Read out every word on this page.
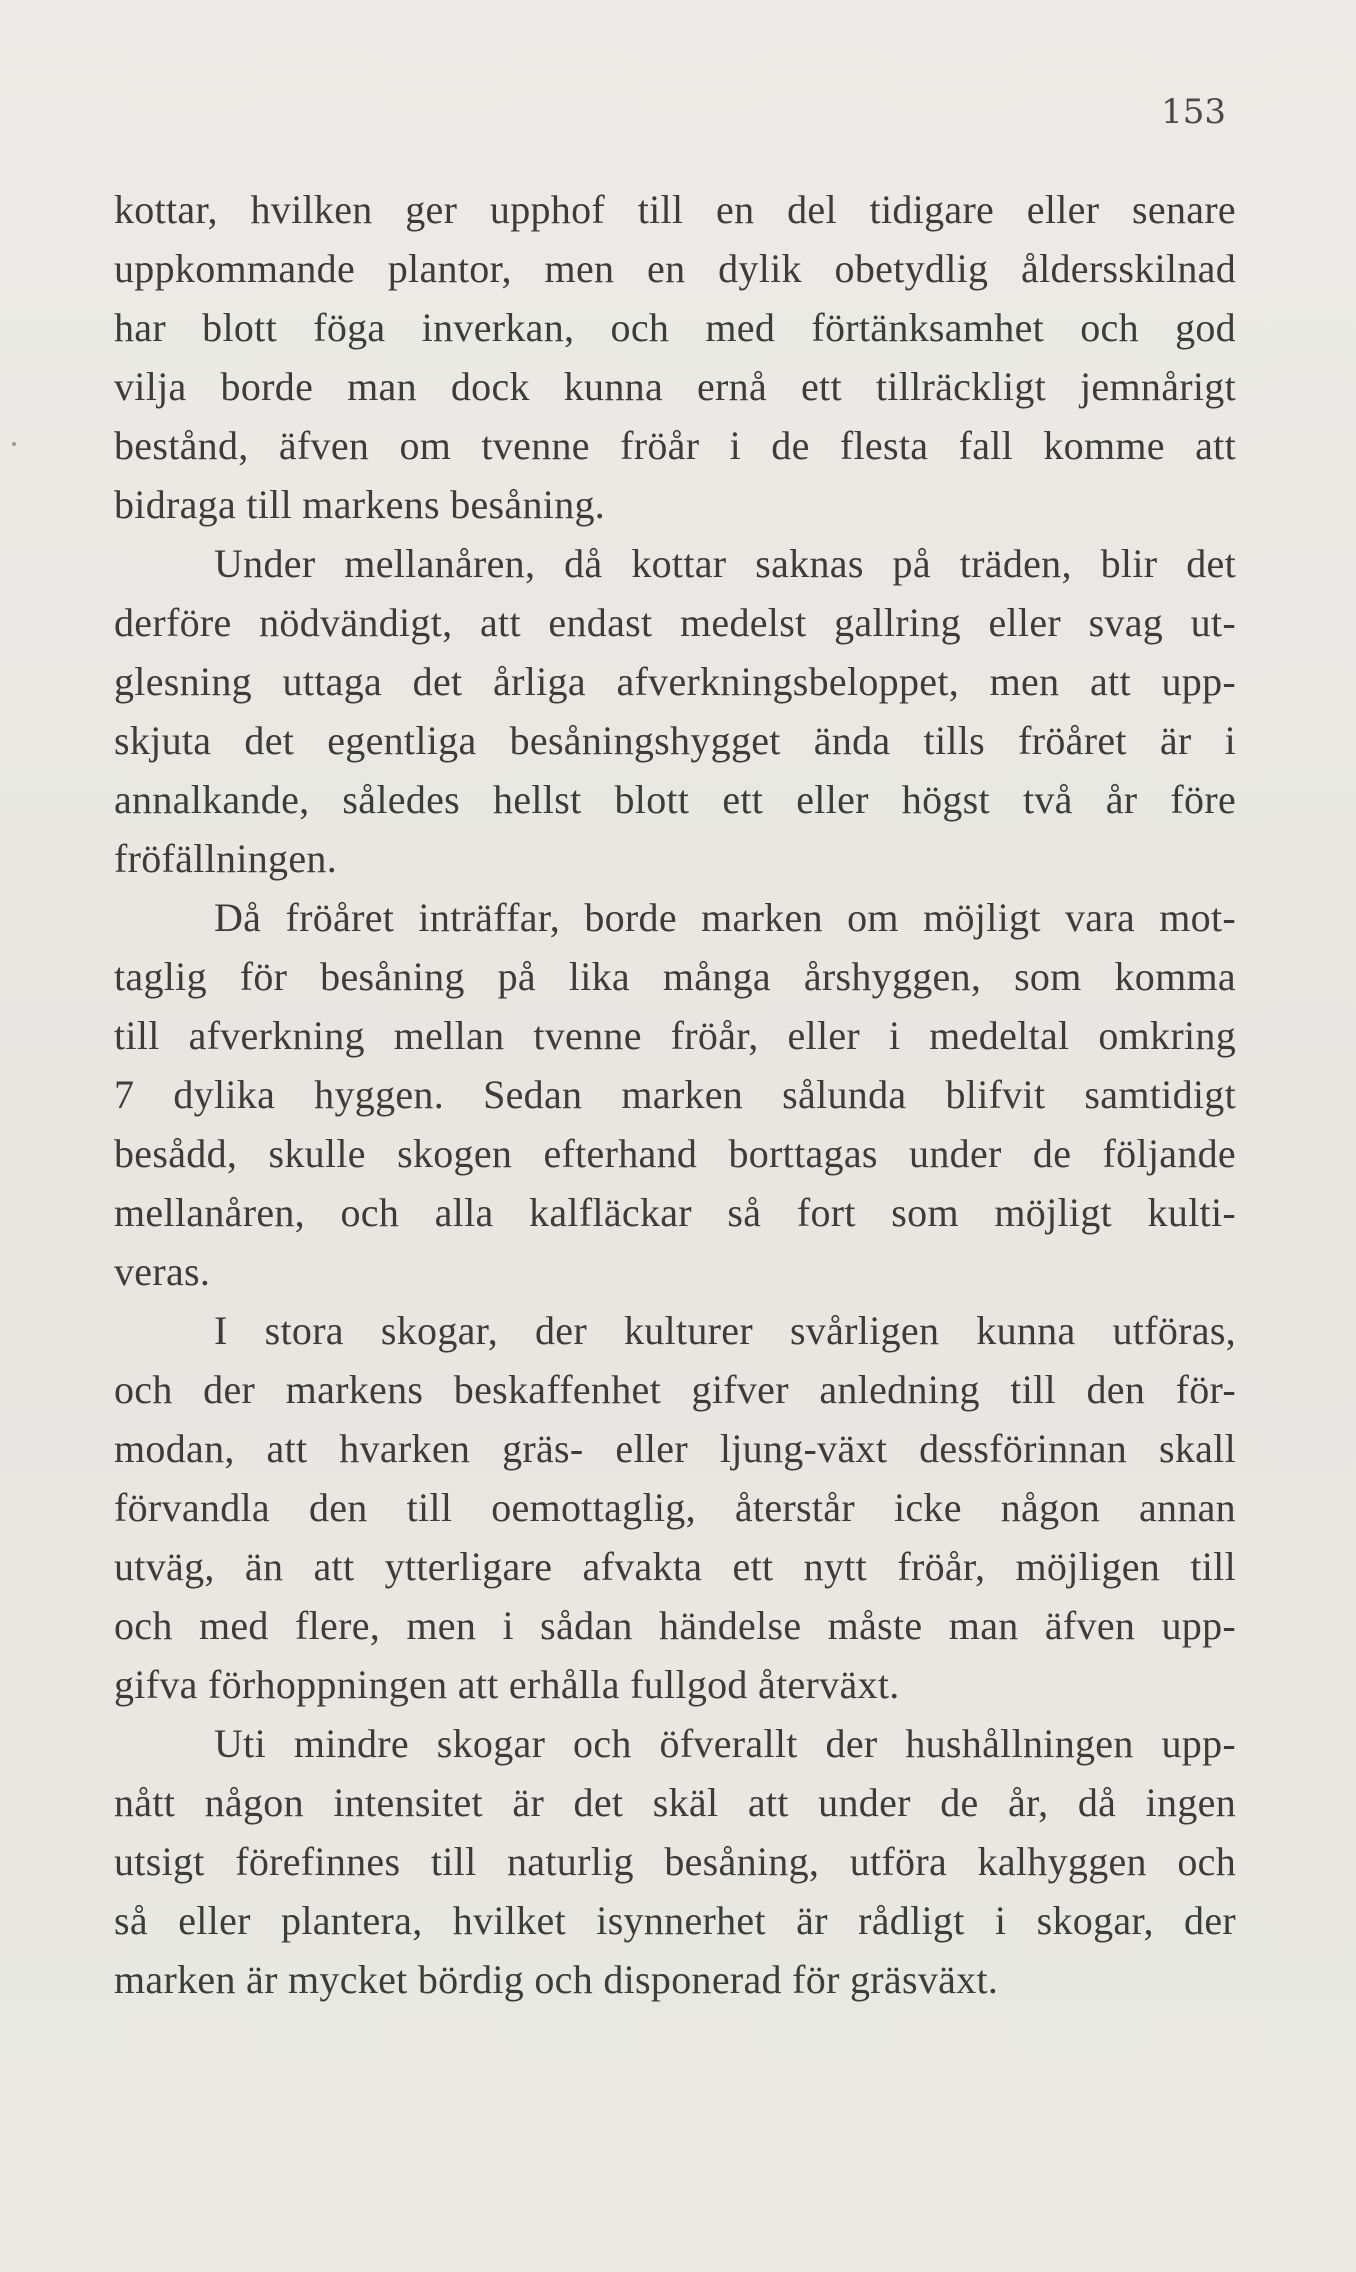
153
kottar, hvilken ger upphof till en del tidigare eller senare
uppkommande plantor, men en dylik obetydlig åldersskilnad
har blott föga inverkan, och med förtänksamhet och god
vilja borde man dock kunna ernå ett tillräckligt jemnårigt
bestånd, äfven om tvenne fröår i de flesta fall komme att
bidraga till markens besåning.
Under mellanåren, då kottar saknas på träden, blir det
derföre nödvändigt, att endast medelst gallring eller svag ut-
glesning uttaga det årliga afverkningsbeloppet, men att upp-
skjuta det egentliga besåningshygget ända tills fröåret är i
annalkande, således hellst blott ett eller högst två år före
fröfällningen.
Då fröåret inträffar, borde marken om möjligt vara mot-
taglig för besåning på lika många årshyggen, som komma
till afverkning mellan tvenne fröår, eller i medeltal omkring
7 dylika hyggen. Sedan marken sålunda blifvit samtidigt
besådd, skulle skogen efterhand borttagas under de följande
mellanåren, och alla kalfläckar så fort som möjligt kulti-
veras.
I stora skogar, der kulturer svårligen kunna utföras,
och der markens beskaffenhet gifver anledning till den för-
modan, att hvarken gräs- eller ljung-växt dessförinnan skall
förvandla den till oemottaglig, återstår icke någon annan
utväg, än att ytterligare afvakta ett nytt fröår, möjligen till
och med flere, men i sådan händelse måste man äfven upp-
gifva förhoppningen att erhålla fullgod återväxt.
Uti mindre skogar och öfverallt der hushållningen upp-
nått någon intensitet är det skäl att under de år, då ingen
utsigt förefinnes till naturlig besåning, utföra kalhyggen och
så eller plantera, hvilket isynnerhet är rådligt i skogar, der
marken är mycket bördig och disponerad för gräsväxt.
